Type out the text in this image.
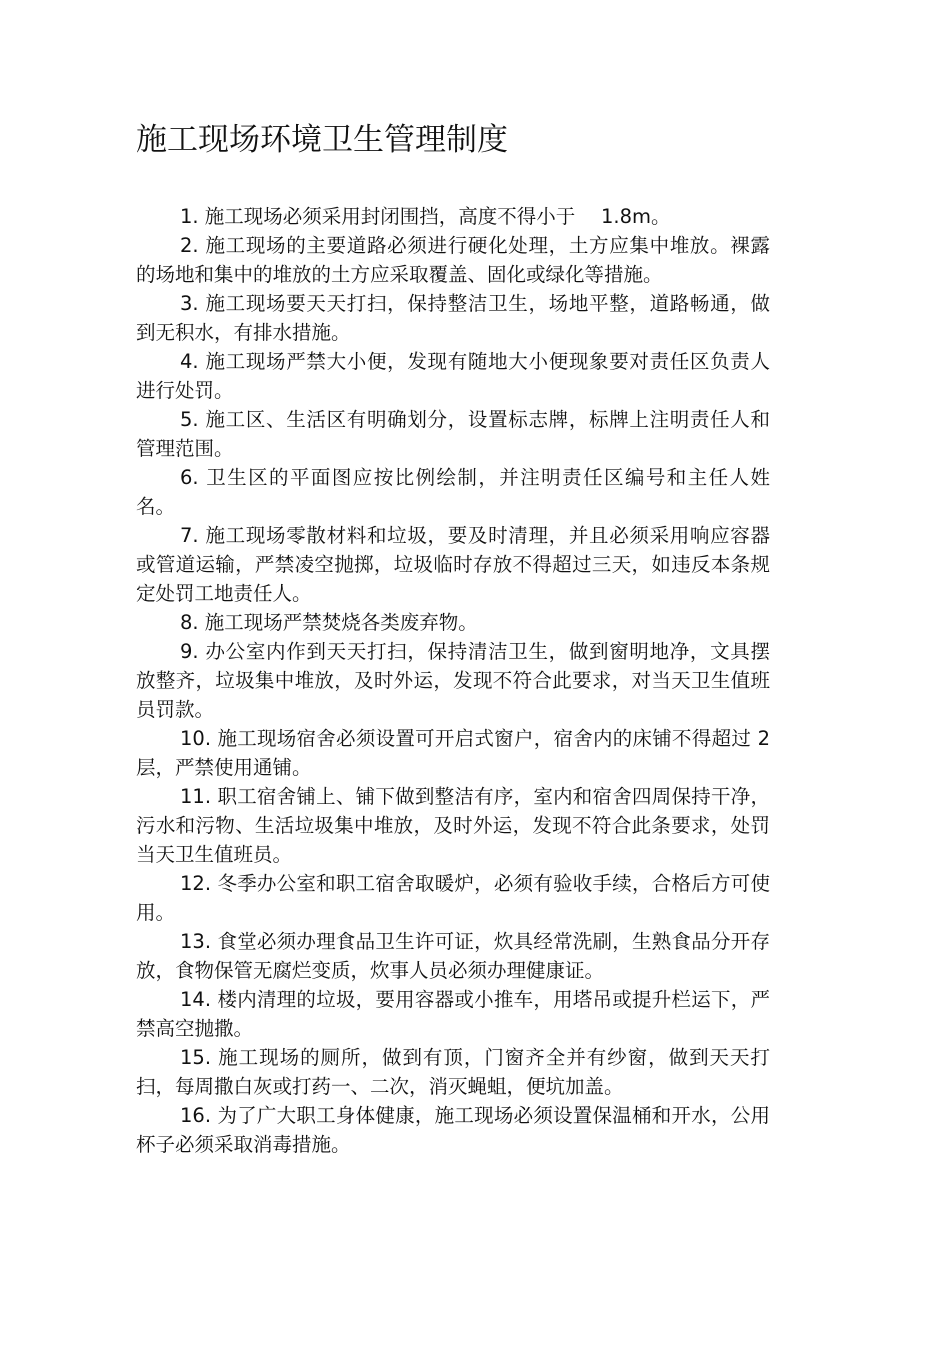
施工现场环境卫生管理制度
1. 施工现场必须采用封闭围挡，高度不得小于　 1.8m。
2. 施工现场的主要道路必须进行硬化处理，土方应集中堆放。裸露的场地和集中的堆放的土方应采取覆盖、固化或绿化等措施。
3. 施工现场要天天打扫，保持整洁卫生，场地平整，道路畅通，做到无积水，有排水措施。
4. 施工现场严禁大小便，发现有随地大小便现象要对责任区负责人进行处罚。
5. 施工区、生活区有明确划分，设置标志牌，标牌上注明责任人和管理范围。
6. 卫生区的平面图应按比例绘制，并注明责任区编号和主任人姓名。
7. 施工现场零散材料和垃圾，要及时清理，并且必须采用响应容器或管道运输，严禁凌空抛掷，垃圾临时存放不得超过三天，如违反本条规定处罚工地责任人。
8. 施工现场严禁焚烧各类废弃物。
9. 办公室内作到天天打扫，保持清洁卫生，做到窗明地净，文具摆放整齐，垃圾集中堆放，及时外运，发现不符合此要求，对当天卫生值班员罚款。
10. 施工现场宿舍必须设置可开启式窗户，宿舍内的床铺不得超过 2 层，严禁使用通铺。
11. 职工宿舍铺上、铺下做到整洁有序，室内和宿舍四周保持干净，污水和污物、生活垃圾集中堆放，及时外运，发现不符合此条要求，处罚当天卫生值班员。
12. 冬季办公室和职工宿舍取暖炉，必须有验收手续，合格后方可使用。
13. 食堂必须办理食品卫生许可证，炊具经常洗刷，生熟食品分开存放，食物保管无腐烂变质，炊事人员必须办理健康证。
14. 楼内清理的垃圾，要用容器或小推车，用塔吊或提升栏运下，严禁高空抛撒。
15. 施工现场的厕所，做到有顶，门窗齐全并有纱窗，做到天天打扫，每周撒白灰或打药一、二次，消灭蝇蛆，便坑加盖。
16. 为了广大职工身体健康，施工现场必须设置保温桶和开水，公用杯子必须采取消毒措施。
